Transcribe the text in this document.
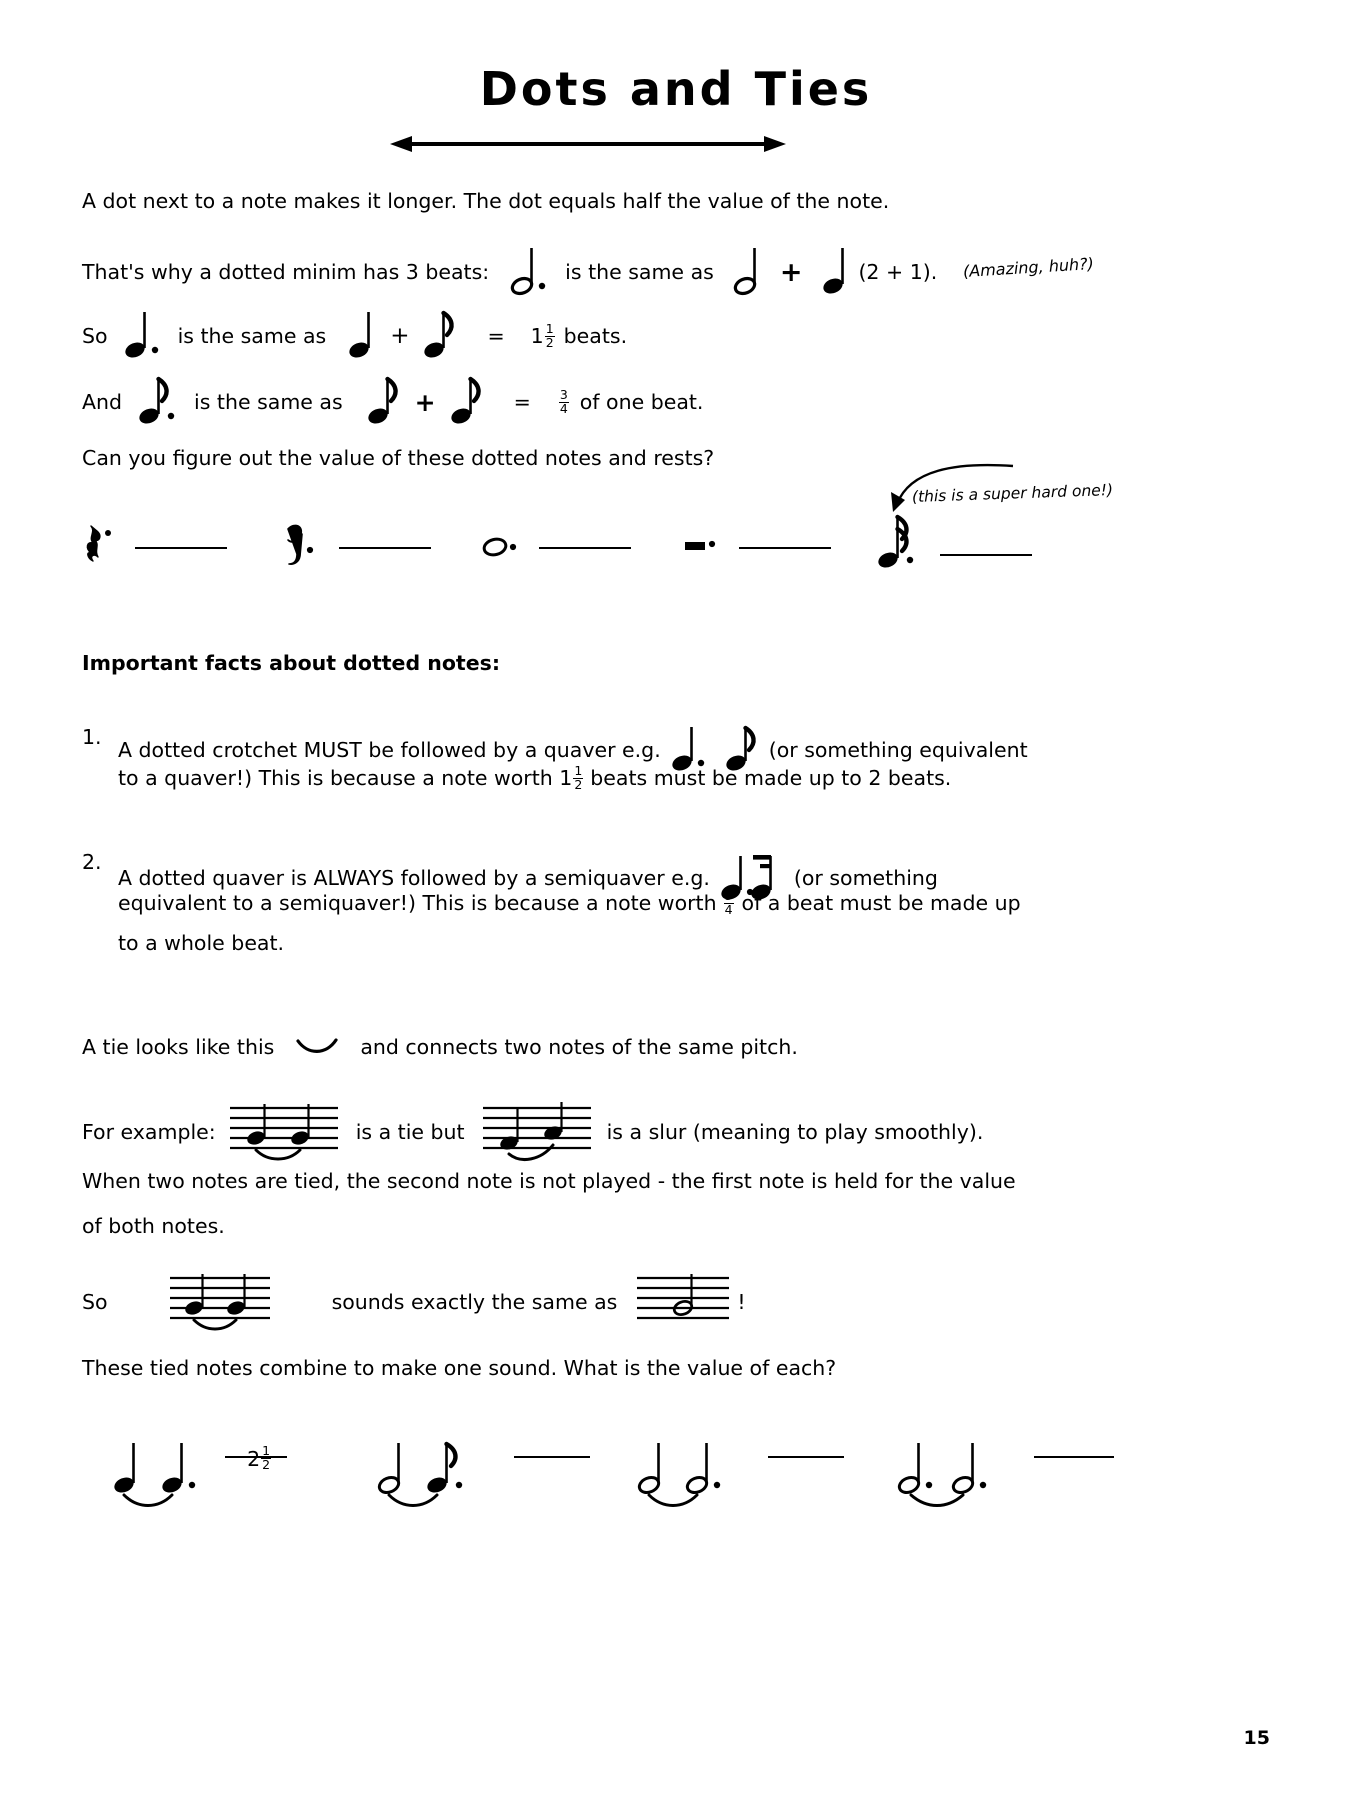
Dots and Ties
A dot next to a note makes it longer. The dot equals half the value of the note.
That's why a dotted minim has 3 beats:	is the same as +	(2 + 1). (Amazing, huh?)
So	is the same as	+	= $1 \frac{1}{2}$ beats.
And	is the same as	+	= $\frac{3}{4}$ of one beat.
Can you figure out the value of these dotted notes and rests?
(this is a super hard one!)

Important facts about dotted notes:
1.
A dotted crotchet MUST be followed by a quaver e.g.	(or something equivalent
to a quaver!) This is because a note worth $1 \frac{1}{2}$ beats must be made up to 2 beats.
2.
A dotted quaver is ALWAYS followed by a semiquaver e.g.	(or something
equivalent to a semiquaver!) This is because a note worth $\frac{3}{4}$ of a beat must be made up
to a whole beat.
A tie looks like this	and connects two notes of the same pitch.
For example:	is a tie but	is a slur (meaning to play smoothly).
When two notes are tied, the second note is not played - the first note is held for the value
of both notes.
So	sounds exactly the same as	!
These tied notes combine to make one sound. What is the value of each?

$2 \frac{1}{2}$

15
